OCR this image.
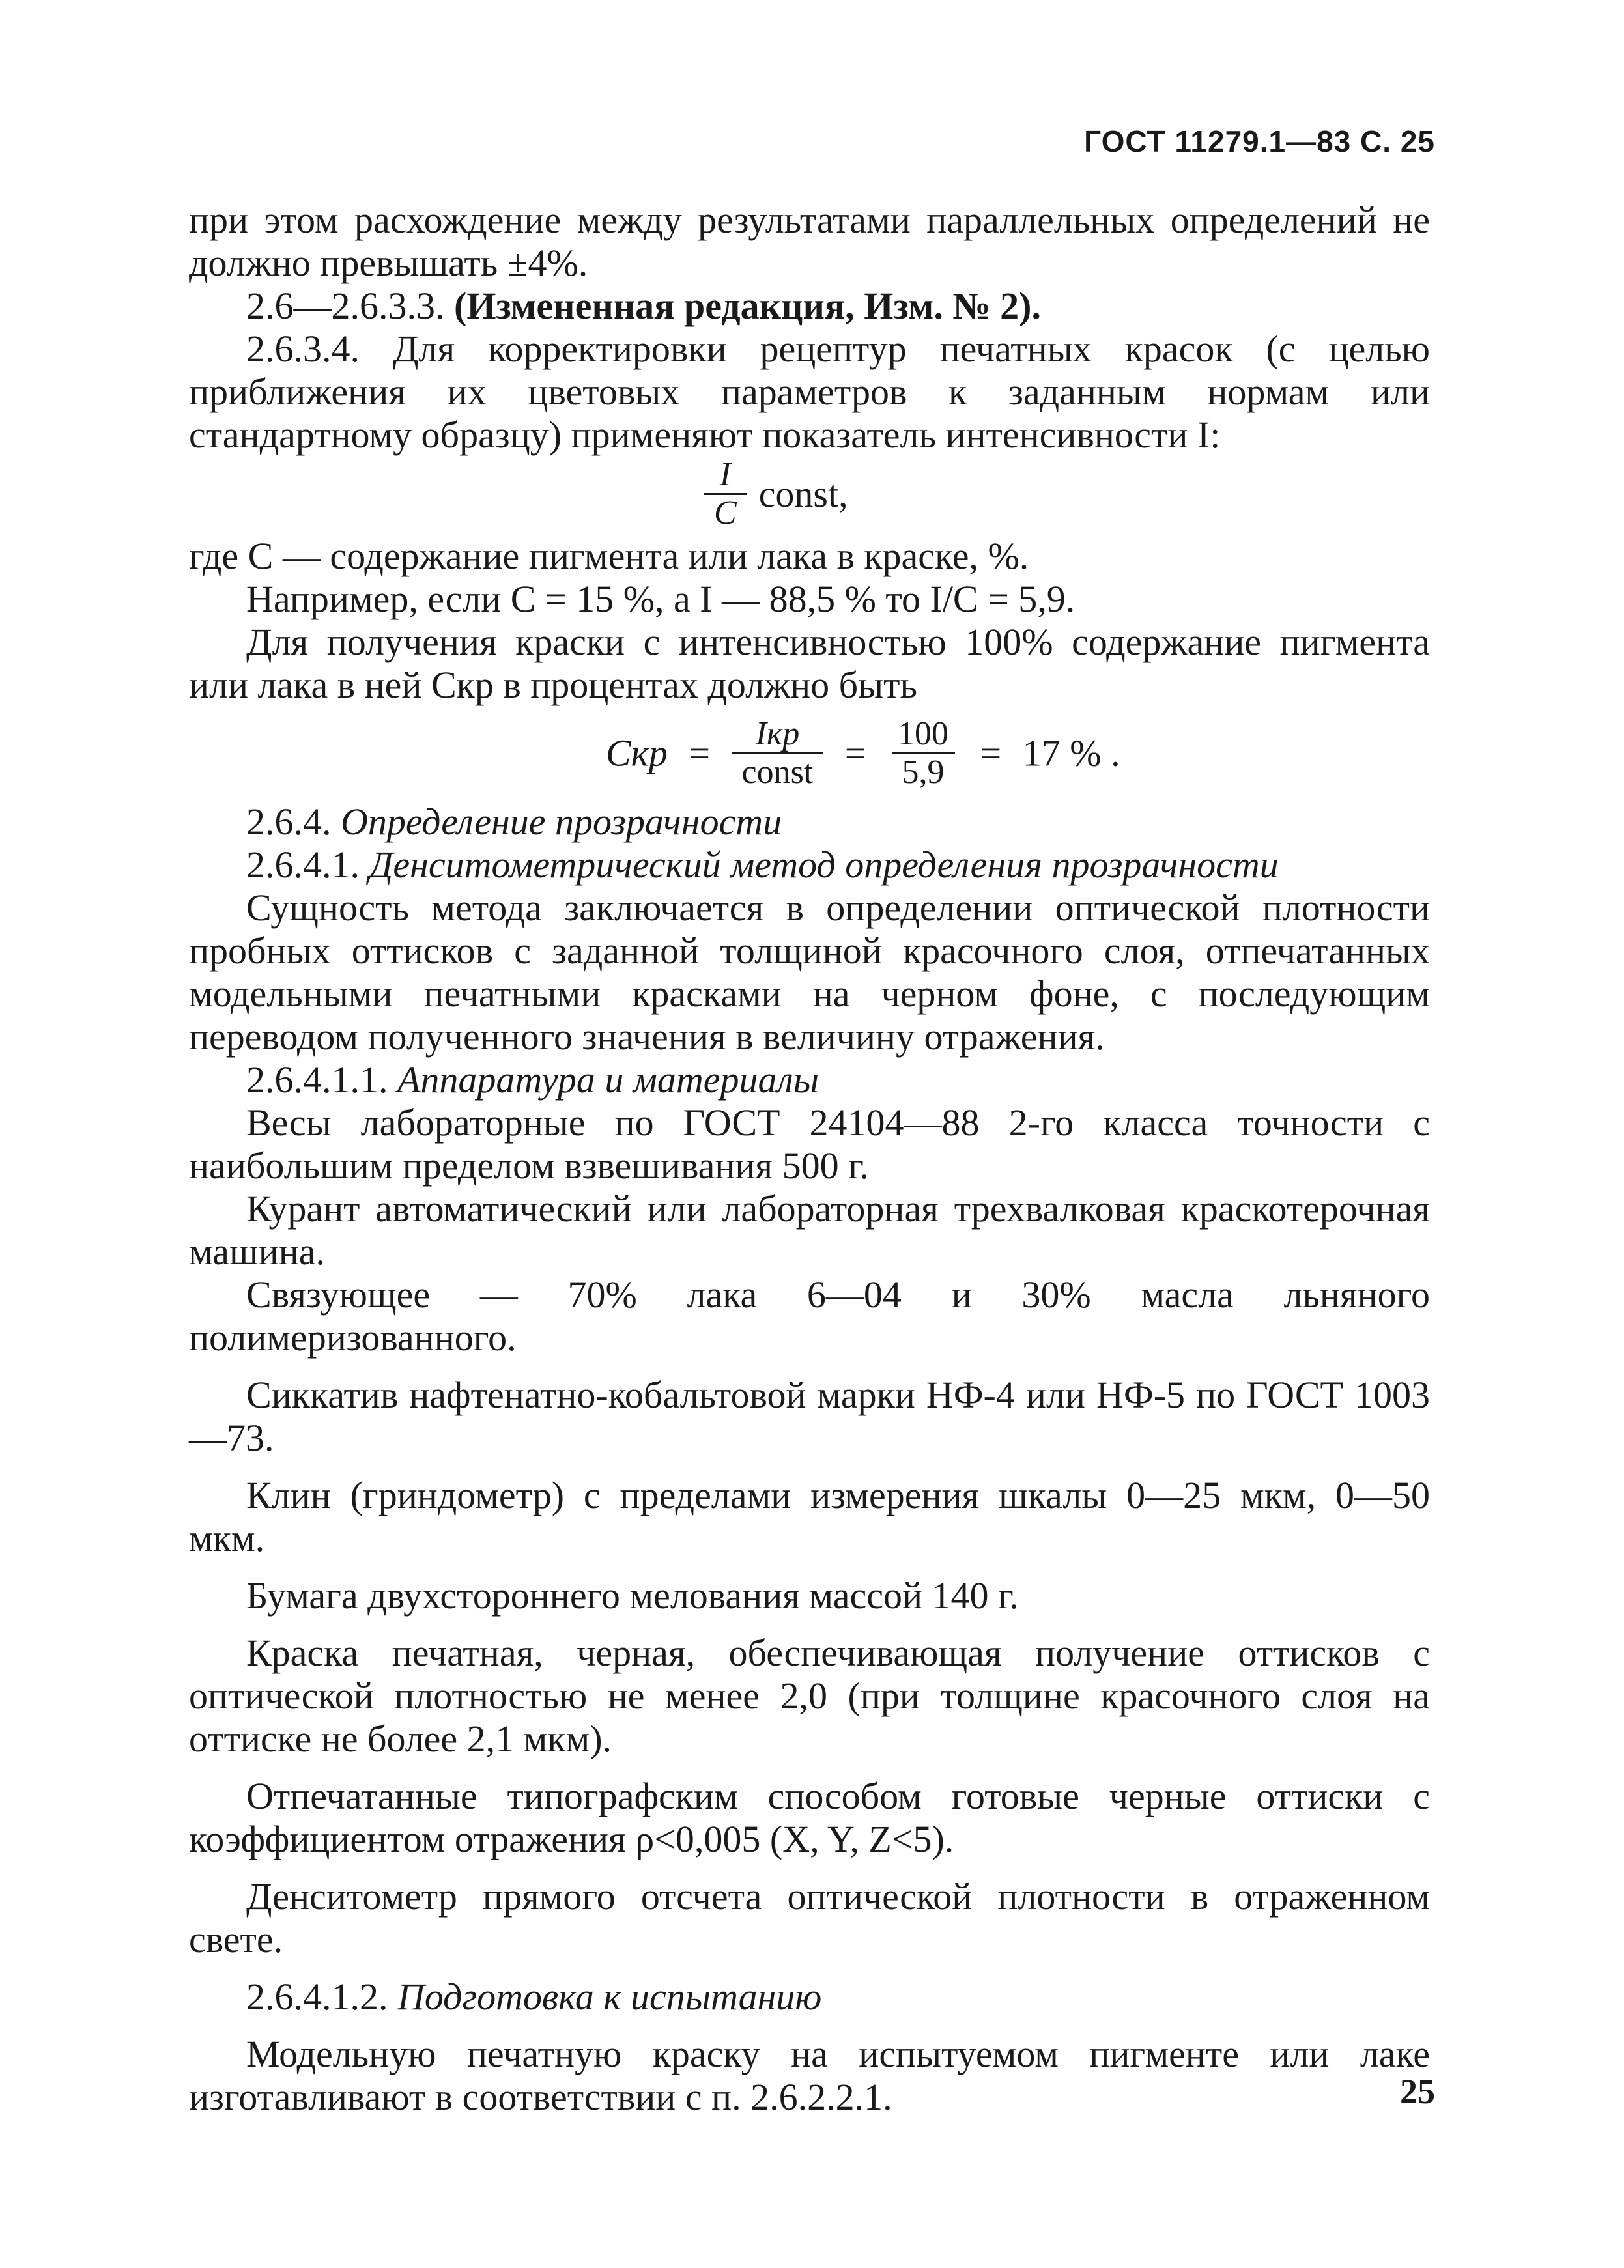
ГОСТ 11279.1—83 С. 25

при этом расхождение между результатами параллельных определений не должно превышать ±4%.

2.6—2.6.3.3. (Измененная редакция, Изм. № 2).

2.6.3.4. Для корректировки рецептур печатных красок (с целью приближения их цветовых параметров к заданным нормам или стандартному образцу) применяют показатель интенсивности I:

$\frac{I}{C}$ const,

где C — содержание пигмента или лака в краске, %.

Например, если C = 15 %, а I — 88,5 % то I/C = 5,9.

Для получения краски с интенсивностью 100% содержание пигмента или лака в ней Cкр в процентах должно быть

Cкр = $\frac{\text{Iкр}}{\text{const}} = \frac{100}{5,9} = 17$ % .

2.6.4. Определение прозрачности

2.6.4.1. Денситометрический метод определения прозрачности

Сущность метода заключается в определении оптической плотности пробных оттисков с заданной толщиной красочного слоя, отпечатанных модельными печатными красками на черном фоне, с последующим переводом полученного значения в величину отражения.

2.6.4.1.1. Аппаратура и материалы

Весы лабораторные по ГОСТ 24104—88 2-го класса точности с наибольшим пределом взвешивания 500 г.

Курант автоматический или лабораторная трехвалковая краскотерочная машина.

Связующее — 70% лака 6—04 и 30% масла льняного полимеризованного.

Сиккатив нафтенатно-кобальтовой марки НФ-4 или НФ-5 по ГОСТ 1003—73.

Клин (гриндометр) с пределами измерения шкалы 0—25 мкм, 0—50 мкм.

Бумага двухстороннего мелования массой 140 г.

Краска печатная, черная, обеспечивающая получение оттисков с оптической плотностью не менее 2,0 (при толщине красочного слоя на оттиске не более 2,1 мкм).

Отпечатанные типографским способом готовые черные оттиски с коэффициентом отражения ρ<0,005 (X, Y, Z<5).

Денситометр прямого отсчета оптической плотности в отраженном свете.

2.6.4.1.2. Подготовка к испытанию

Модельную печатную краску на испытуемом пигменте или лаке изготавливают в соответствии с п. 2.6.2.2.1.	25
